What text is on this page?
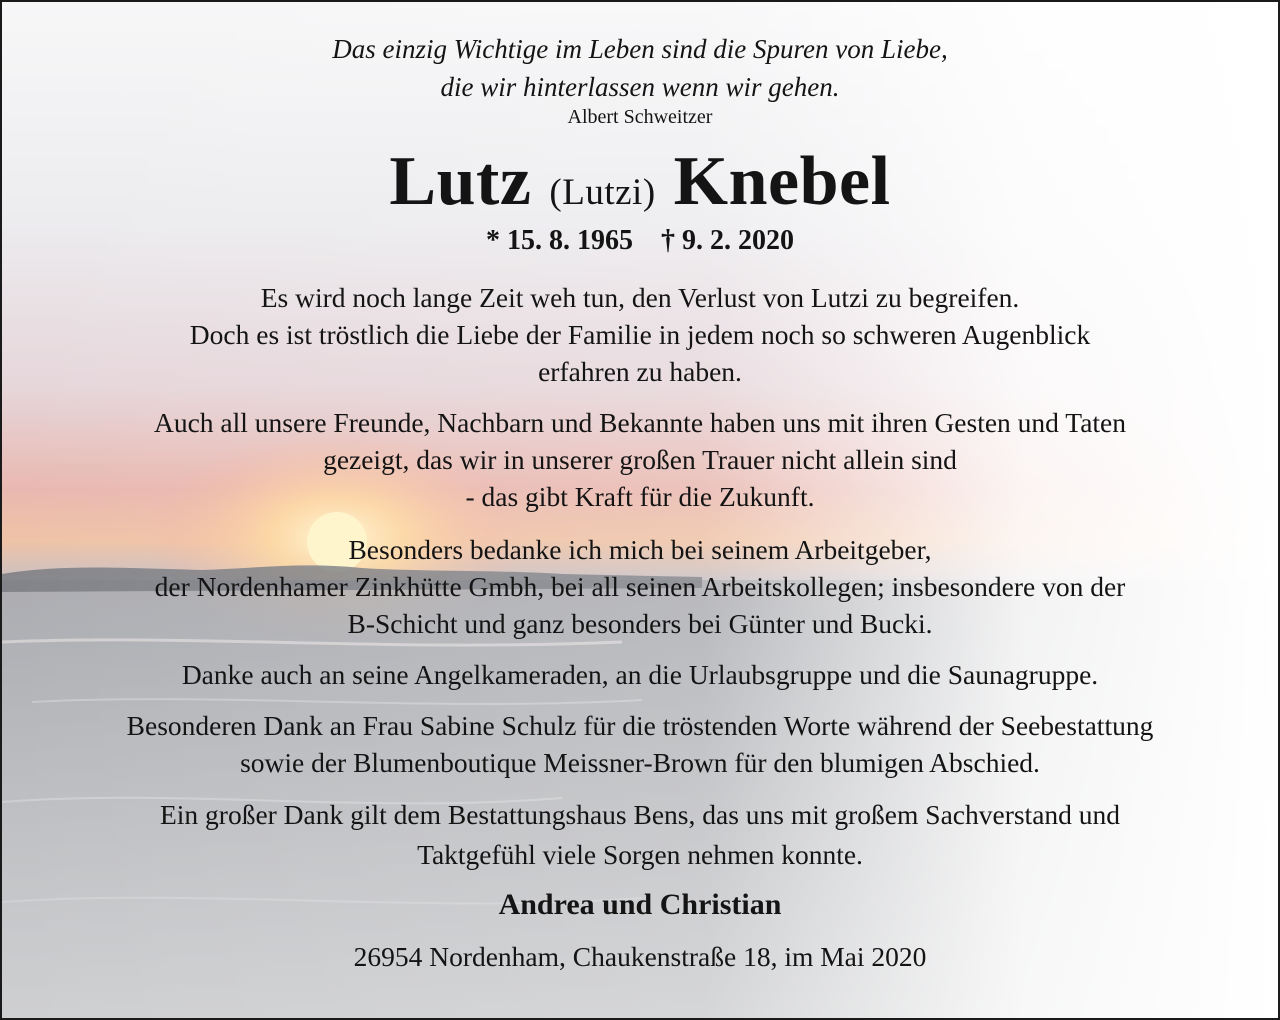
Das einzig Wichtige im Leben sind die Spuren von Liebe,
die wir hinterlassen wenn wir gehen.
Albert Schweitzer
Lutz (Lutzi) Knebel
* 15. 8. 1965 † 9. 2. 2020
Es wird noch lange Zeit weh tun, den Verlust von Lutzi zu begreifen.
Doch es ist tröstlich die Liebe der Familie in jedem noch so schweren Augenblick
erfahren zu haben.
Auch all unsere Freunde, Nachbarn und Bekannte haben uns mit ihren Gesten und Taten
gezeigt, das wir in unserer großen Trauer nicht allein sind
- das gibt Kraft für die Zukunft.
Besonders bedanke ich mich bei seinem Arbeitgeber,
der Nordenhamer Zinkhütte Gmbh, bei all seinen Arbeitskollegen; insbesondere von der
B-Schicht und ganz besonders bei Günter und Bucki.
Danke auch an seine Angelkameraden, an die Urlaubsgruppe und die Saunagruppe.
Besonderen Dank an Frau Sabine Schulz für die tröstenden Worte während der Seebestattung
sowie der Blumenboutique Meissner-Brown für den blumigen Abschied.
Ein großer Dank gilt dem Bestattungshaus Bens, das uns mit großem Sachverstand und
Taktgefühl viele Sorgen nehmen konnte.
Andrea und Christian
26954 Nordenham, Chaukenstraße 18, im Mai 2020
